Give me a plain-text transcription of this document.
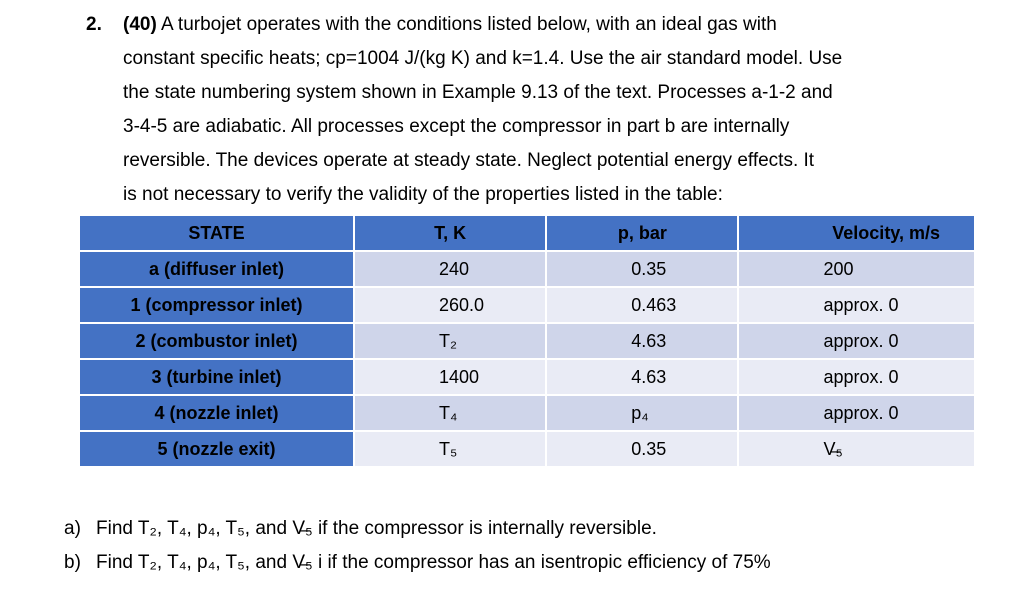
2. (40) A turbojet operates with the conditions listed below, with an ideal gas with

constant specific heats; cp=1004 J/(kg K) and k=1.4. Use the air standard model. Use

the state numbering system shown in Example 9.13 of the text. Processes a-1-2 and

3-4-5 are adiabatic. All processes except the compressor in part b are internally

reversible. The devices operate at steady state. Neglect potential energy effects. It

is not necessary to verify the validity of the properties listed in the table:

STATE	T, K	p, bar	Velocity, m/s
a (diffuser inlet)	240	0.35	200
1 (compressor inlet)	260.0	0.463	approx. 0
2 (combustor inlet)	T₂	4.63	approx. 0
3 (turbine inlet)	1400	4.63	approx. 0
4 (nozzle inlet)	T₄	p₄	approx. 0
5 (nozzle exit)	T₅	0.35	V̶₅
a) Find T₂, T₄, p₄, T₅, and V̶₅ if the compressor is internally reversible.
b) Find T₂, T₄, p₄, T₅, and V̶₅ i if the compressor has an isentropic efficiency of 75%
